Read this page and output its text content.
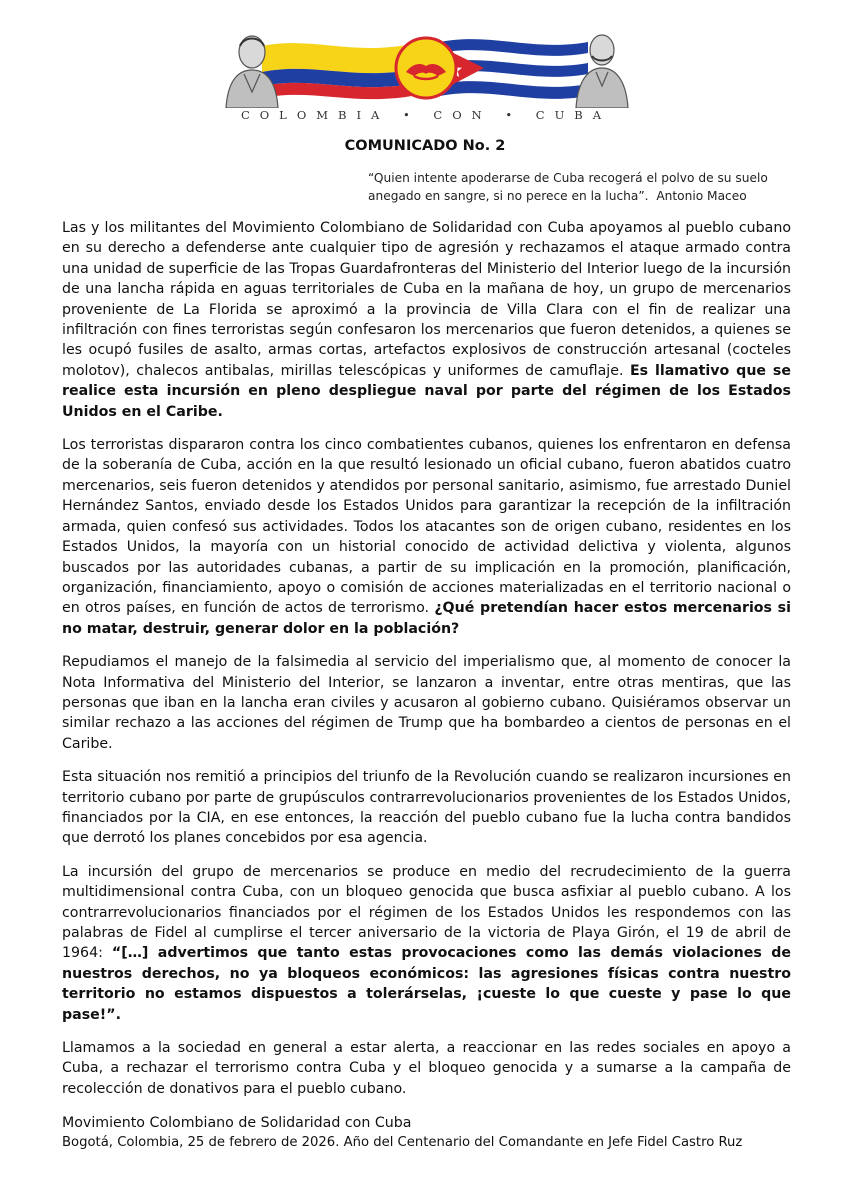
COLOMBIA • CON • CUBA
COMUNICADO No. 2
“Quien intente apoderarse de Cuba recogerá el polvo de su suelo anegado en sangre, si no perece en la lucha”. Antonio Maceo

Las y los militantes del Movimiento Colombiano de Solidaridad con Cuba apoyamos al pueblo cubano en su derecho a defenderse ante cualquier tipo de agresión y rechazamos el ataque armado contra una unidad de superficie de las Tropas Guardafronteras del Ministerio del Interior luego de la incursión de una lancha rápida en aguas territoriales de Cuba en la mañana de hoy, un grupo de mercenarios proveniente de La Florida se aproximó a la provincia de Villa Clara con el fin de realizar una infiltración con fines terroristas según confesaron los mercenarios que fueron detenidos, a quienes se les ocupó fusiles de asalto, armas cortas, artefactos explosivos de construcción artesanal (cocteles molotov), chalecos antibalas, mirillas telescópicas y uniformes de camuflaje. Es llamativo que se realice esta incursión en pleno despliegue naval por parte del régimen de los Estados Unidos en el Caribe.

Los terroristas dispararon contra los cinco combatientes cubanos, quienes los enfrentaron en defensa de la soberanía de Cuba, acción en la que resultó lesionado un oficial cubano, fueron abatidos cuatro mercenarios, seis fueron detenidos y atendidos por personal sanitario, asimismo, fue arrestado Duniel Hernández Santos, enviado desde los Estados Unidos para garantizar la recepción de la infiltración armada, quien confesó sus actividades. Todos los atacantes son de origen cubano, residentes en los Estados Unidos, la mayoría con un historial conocido de actividad delictiva y violenta, algunos buscados por las autoridades cubanas, a partir de su implicación en la promoción, planificación, organización, financiamiento, apoyo o comisión de acciones materializadas en el territorio nacional o en otros países, en función de actos de terrorismo. ¿Qué pretendían hacer estos mercenarios si no matar, destruir, generar dolor en la población?

Repudiamos el manejo de la falsimedia al servicio del imperialismo que, al momento de conocer la Nota Informativa del Ministerio del Interior, se lanzaron a inventar, entre otras mentiras, que las personas que iban en la lancha eran civiles y acusaron al gobierno cubano. Quisiéramos observar un similar rechazo a las acciones del régimen de Trump que ha bombardeo a cientos de personas en el Caribe.

Esta situación nos remitió a principios del triunfo de la Revolución cuando se realizaron incursiones en territorio cubano por parte de grupúsculos contrarrevolucionarios provenientes de los Estados Unidos, financiados por la CIA, en ese entonces, la reacción del pueblo cubano fue la lucha contra bandidos que derrotó los planes concebidos por esa agencia.

La incursión del grupo de mercenarios se produce en medio del recrudecimiento de la guerra multidimensional contra Cuba, con un bloqueo genocida que busca asfixiar al pueblo cubano. A los contrarrevolucionarios financiados por el régimen de los Estados Unidos les respondemos con las palabras de Fidel al cumplirse el tercer aniversario de la victoria de Playa Girón, el 19 de abril de 1964: “[…] advertimos que tanto estas provocaciones como las demás violaciones de nuestros derechos, no ya bloqueos económicos: las agresiones físicas contra nuestro territorio no estamos dispuestos a tolerárselas, ¡cueste lo que cueste y pase lo que pase!”.

Llamamos a la sociedad en general a estar alerta, a reaccionar en las redes sociales en apoyo a Cuba, a rechazar el terrorismo contra Cuba y el bloqueo genocida y a sumarse a la campaña de recolección de donativos para el pueblo cubano.

Movimiento Colombiano de Solidaridad con Cuba
Bogotá, Colombia, 25 de febrero de 2026. Año del Centenario del Comandante en Jefe Fidel Castro Ruz
